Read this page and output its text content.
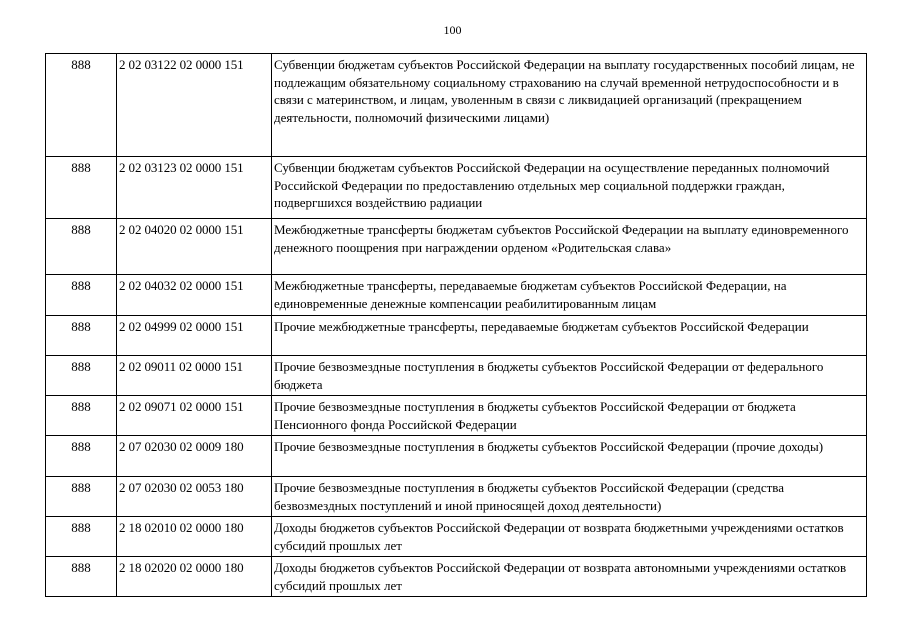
100
888	2 02 03122 02 0000 151	Субвенции бюджетам субъектов Российской Федерации на выплату государственных пособий лицам, не подлежащим обязательному социальному страхованию на случай временной нетрудоспособности и в связи с материнством, и лицам, уволенным в связи с ликвидацией организаций (прекращением деятельности, полномочий физическими лицами)
888	2 02 03123 02 0000 151	Субвенции бюджетам субъектов Российской Федерации на осуществление переданных полномочий Российской Федерации по предоставлению отдельных мер социальной поддержки граждан, подвергшихся воздействию радиации
888	2 02 04020 02 0000 151	Межбюджетные трансферты бюджетам субъектов Российской Федерации на выплату единовременного денежного поощрения при награждении орденом «Родительская слава»
888	2 02 04032 02 0000 151	Межбюджетные трансферты, передаваемые бюджетам субъектов Российской Федерации, на единовременные денежные компенсации реабилитированным лицам
888	2 02 04999 02 0000 151	Прочие межбюджетные трансферты, передаваемые бюджетам субъектов Российской Федерации
888	2 02 09011 02 0000 151	Прочие безвозмездные поступления в бюджеты субъектов Российской Федерации от федерального бюджета
888	2 02 09071 02 0000 151	Прочие безвозмездные поступления в бюджеты субъектов Российской Федерации от бюджета Пенсионного фонда Российской Федерации
888	2 07 02030 02 0009 180	Прочие безвозмездные поступления в бюджеты субъектов Российской Федерации (прочие доходы)
888	2 07 02030 02 0053 180	Прочие безвозмездные поступления в бюджеты субъектов Российской Федерации (средства безвозмездных поступлений и иной приносящей доход деятельности)
888	2 18 02010 02 0000 180	Доходы бюджетов субъектов Российской Федерации от возврата бюджетными учреждениями остатков субсидий прошлых лет
888	2 18 02020 02 0000 180	Доходы бюджетов субъектов Российской Федерации от возврата автономными учреждениями остатков субсидий прошлых лет
